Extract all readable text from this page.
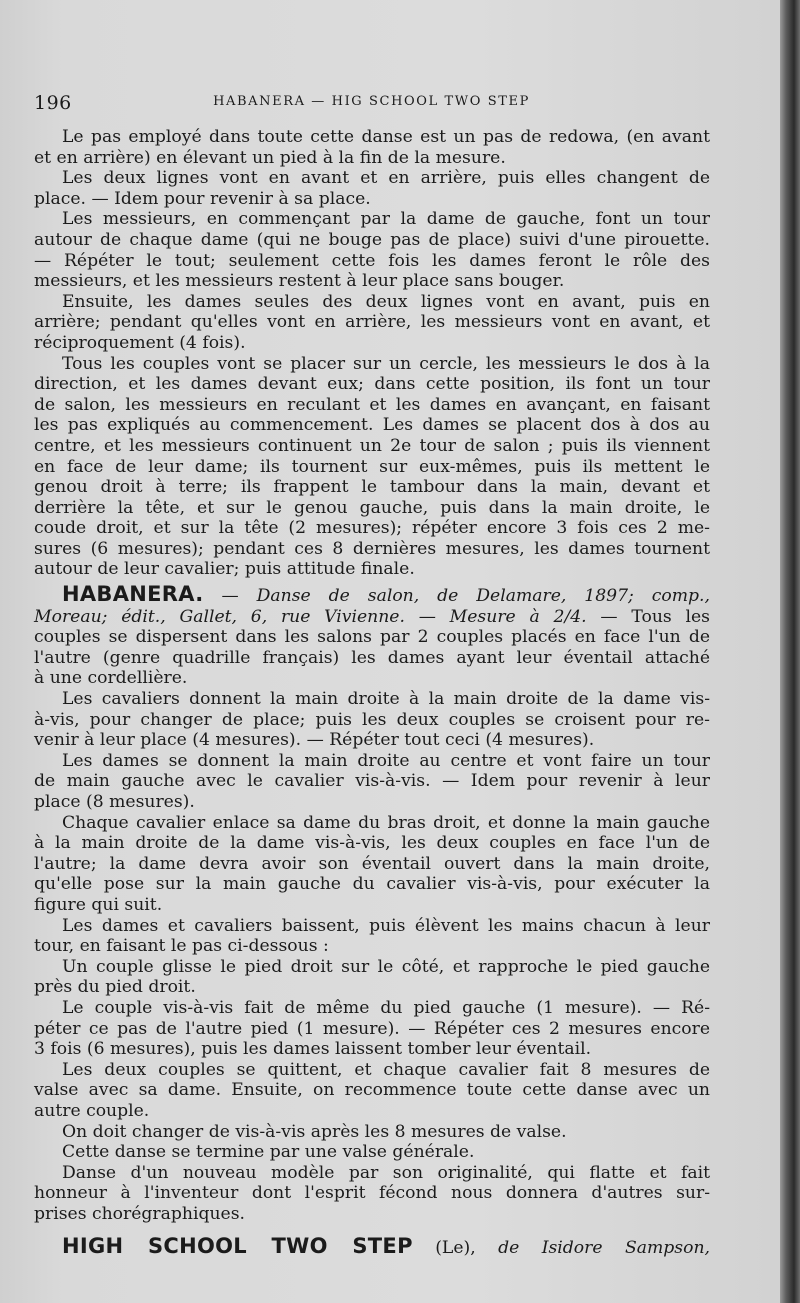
196	HABANERA — HIG SCHOOL TWO STEP
Le pas employé dans toute cette danse est un pas de redowa, (en avant
et en arrière) en élevant un pied à la fin de la mesure.
Les deux lignes vont en avant et en arrière, puis elles changent de
place. — Idem pour revenir à sa place.
Les messieurs, en commençant par la dame de gauche, font un tour
autour de chaque dame (qui ne bouge pas de place) suivi d'une pirouette.
— Répéter le tout; seulement cette fois les dames feront le rôle des
messieurs, et les messieurs restent à leur place sans bouger.
Ensuite, les dames seules des deux lignes vont en avant, puis en
arrière; pendant qu'elles vont en arrière, les messieurs vont en avant, et
réciproquement (4 fois).
Tous les couples vont se placer sur un cercle, les messieurs le dos à la
direction, et les dames devant eux; dans cette position, ils font un tour
de salon, les messieurs en reculant et les dames en avançant, en faisant
les pas expliqués au commencement. Les dames se placent dos à dos au
centre, et les messieurs continuent un 2e tour de salon ; puis ils viennent
en face de leur dame; ils tournent sur eux-mêmes, puis ils mettent le
genou droit à terre; ils frappent le tambour dans la main, devant et
derrière la tête, et sur le genou gauche, puis dans la main droite, le
coude droit, et sur la tête (2 mesures); répéter encore 3 fois ces 2 me-
sures (6 mesures); pendant ces 8 dernières mesures, les dames tournent
autour de leur cavalier; puis attitude finale.
HABANERA. — Danse de salon, de Delamare, 1897; comp.,
Moreau; édit., Gallet, 6, rue Vivienne. — Mesure à 2/4. — Tous les
couples se dispersent dans les salons par 2 couples placés en face l'un de
l'autre (genre quadrille français) les dames ayant leur éventail attaché
à une cordellière.
Les cavaliers donnent la main droite à la main droite de la dame vis-
à-vis, pour changer de place; puis les deux couples se croisent pour re-
venir à leur place (4 mesures). — Répéter tout ceci (4 mesures).
Les dames se donnent la main droite au centre et vont faire un tour
de main gauche avec le cavalier vis-à-vis. — Idem pour revenir à leur
place (8 mesures).
Chaque cavalier enlace sa dame du bras droit, et donne la main gauche
à la main droite de la dame vis-à-vis, les deux couples en face l'un de
l'autre; la dame devra avoir son éventail ouvert dans la main droite,
qu'elle pose sur la main gauche du cavalier vis-à-vis, pour exécuter la
figure qui suit.
Les dames et cavaliers baissent, puis élèvent les mains chacun à leur
tour, en faisant le pas ci-dessous :
Un couple glisse le pied droit sur le côté, et rapproche le pied gauche
près du pied droit.
Le couple vis-à-vis fait de même du pied gauche (1 mesure). — Ré-
péter ce pas de l'autre pied (1 mesure). — Répéter ces 2 mesures encore
3 fois (6 mesures), puis les dames laissent tomber leur éventail.
Les deux couples se quittent, et chaque cavalier fait 8 mesures de
valse avec sa dame. Ensuite, on recommence toute cette danse avec un
autre couple.
On doit changer de vis-à-vis après les 8 mesures de valse.
Cette danse se termine par une valse générale.
Danse d'un nouveau modèle par son originalité, qui flatte et fait
honneur à l'inventeur dont l'esprit fécond nous donnera d'autres sur-
prises chorégraphiques.
HIGH SCHOOL TWO STEP (Le), de Isidore Sampson,
